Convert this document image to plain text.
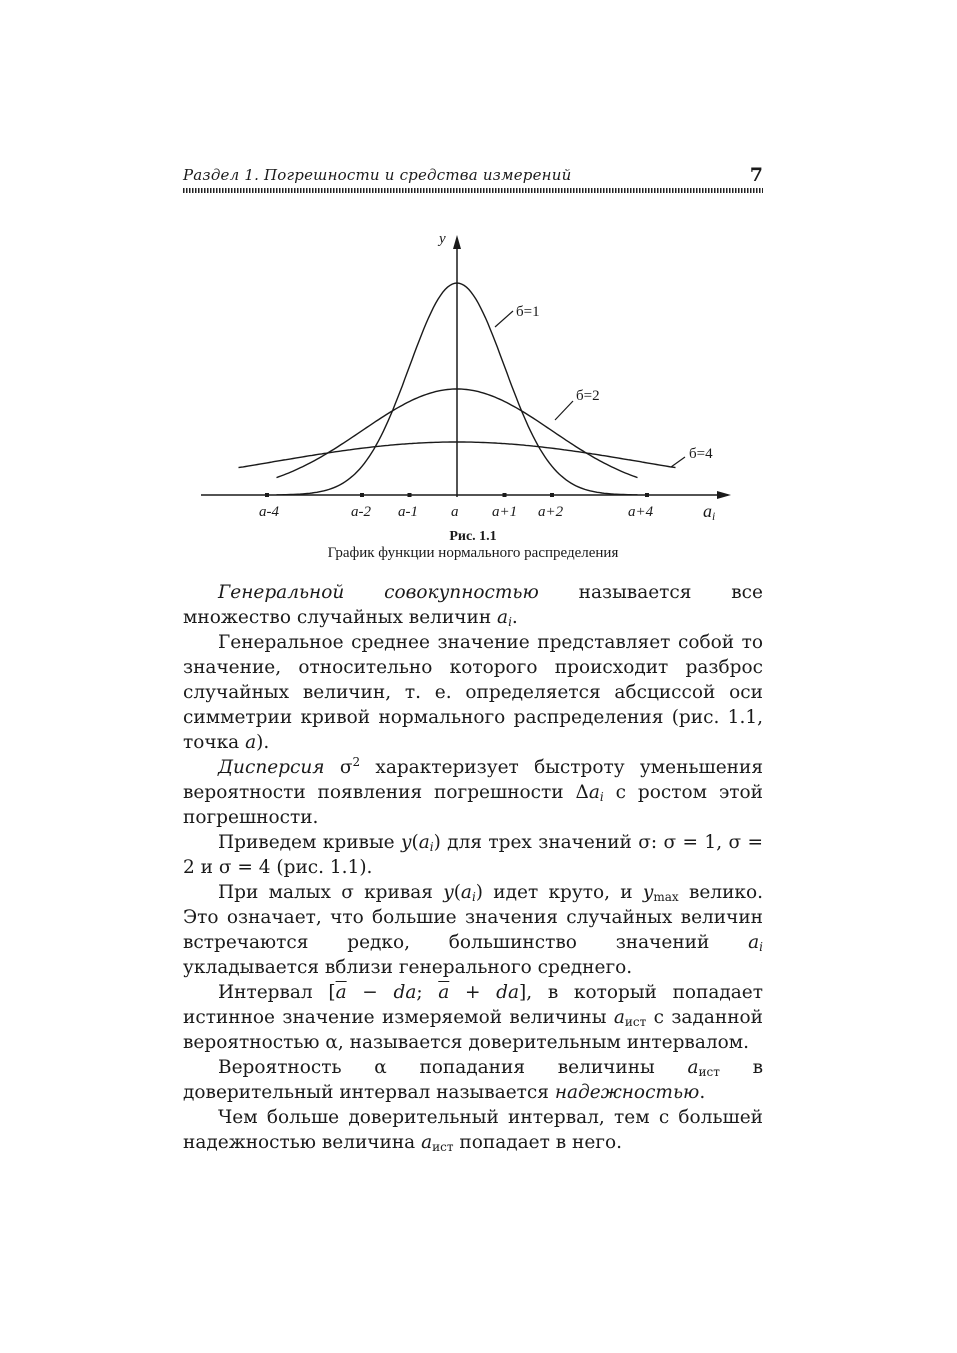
Раздел 1. Погрешности и средства измерений	7
y
б=1
б=2
б=4
a-4	a-2 a-1 a a+1 a+2	a+4	$a_i$
Рис. 1.1
График функции нормального распределения

Генеральной совокупностью называется все множество случайных величин $a_i$.

Генеральное среднее значение представляет собой то значение, относительно которого происходит разброс случайных величин, т. е. определяется абсциссой оси симметрии кривой нормального распределения (рис. 1.1, точка a).

Дисперсия $\sigma^2$ характеризует быстроту уменьшения вероятности появления погрешности $\Delta a_i$ с ростом этой погрешности.

Приведем кривые $y(a_i)$ для трех значений σ: σ = 1, σ = 2 и σ = 4 (рис. 1.1).

При малых σ кривая $y(a_i)$ идет круто, и $y_{max}$ велико. Это означает, что большие значения случайных величин встречаются редко, большинство значений $a_i$ укладывается вблизи генерального среднего.

Интервал [$\overline{a}$ − da; $\overline{a} + da$], в который попадает истинное значение измеряемой величины $a_{ист}$ с заданной вероятностью α, называется доверительным интервалом.

Вероятность α попадания величины $a_{ист}$ в доверительный интервал называется надежностью.

Чем больше доверительный интервал, тем с большей надежностью величина $a_{ист}$ попадает в него.
